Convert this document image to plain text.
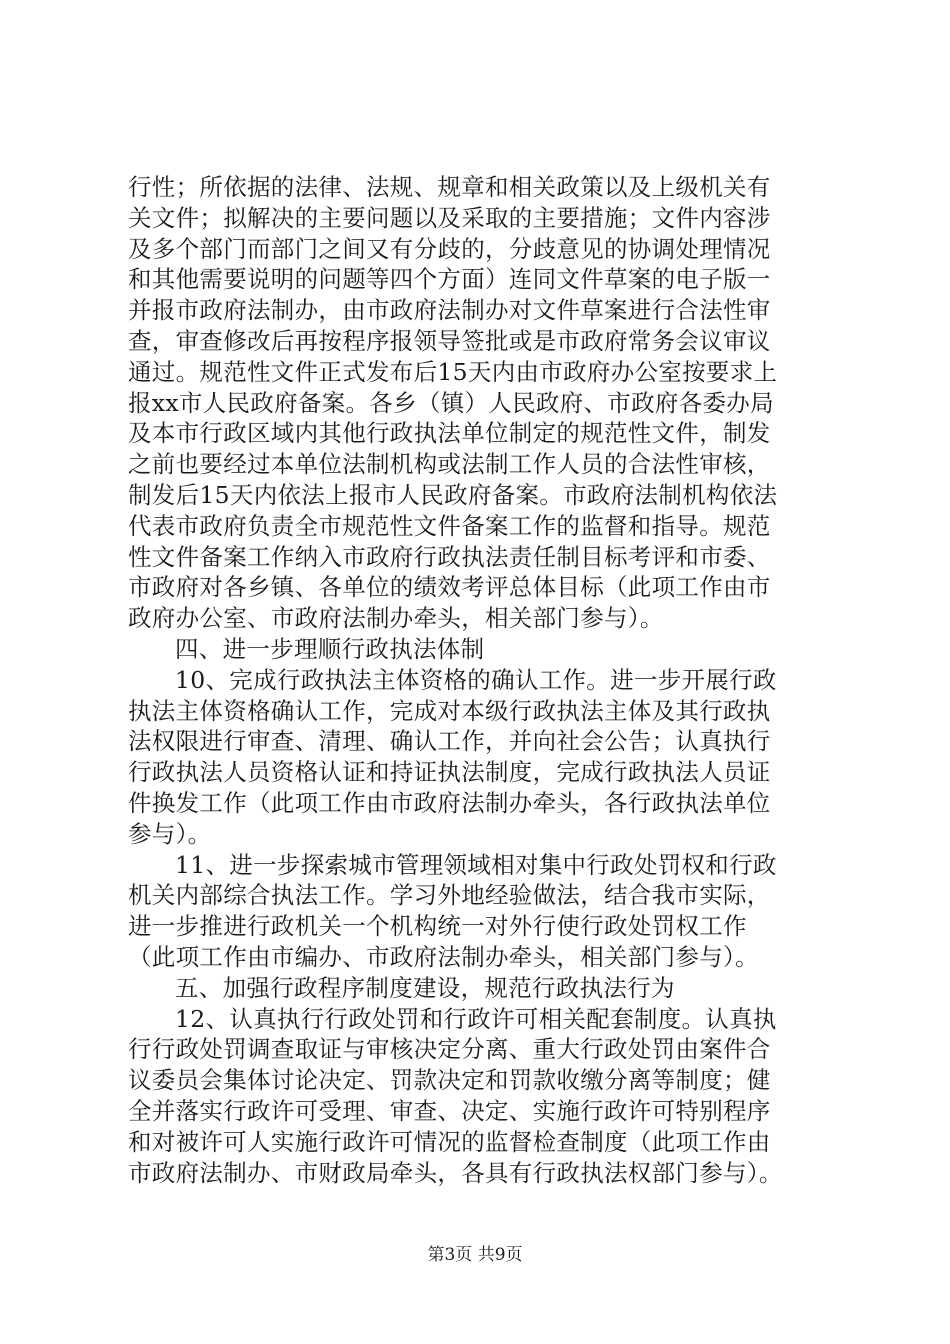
行性；所依据的法律、法规、规章和相关政策以及上级机关有
关文件；拟解决的主要问题以及采取的主要措施；文件内容涉
及多个部门而部门之间又有分歧的，分歧意见的协调处理情况
和其他需要说明的问题等四个方面）连同文件草案的电子版一
并报市政府法制办，由市政府法制办对文件草案进行合法性审
查，审查修改后再按程序报领导签批或是市政府常务会议审议
通过。规范性文件正式发布后15天内由市政府办公室按要求上
报xx市人民政府备案。各乡（镇）人民政府、市政府各委办局
及本市行政区域内其他行政执法单位制定的规范性文件，制发
之前也要经过本单位法制机构或法制工作人员的合法性审核，
制发后15天内依法上报市人民政府备案。市政府法制机构依法
代表市政府负责全市规范性文件备案工作的监督和指导。规范
性文件备案工作纳入市政府行政执法责任制目标考评和市委、
市政府对各乡镇、各单位的绩效考评总体目标（此项工作由市
政府办公室、市政府法制办牵头，相关部门参与）。
四、进一步理顺行政执法体制
10、完成行政执法主体资格的确认工作。进一步开展行政
执法主体资格确认工作，完成对本级行政执法主体及其行政执
法权限进行审查、清理、确认工作，并向社会公告；认真执行
行政执法人员资格认证和持证执法制度，完成行政执法人员证
件换发工作（此项工作由市政府法制办牵头，各行政执法单位
参与）。
11、进一步探索城市管理领域相对集中行政处罚权和行政
机关内部综合执法工作。学习外地经验做法，结合我市实际，
进一步推进行政机关一个机构统一对外行使行政处罚权工作
（此项工作由市编办、市政府法制办牵头，相关部门参与）。
五、加强行政程序制度建设，规范行政执法行为
12、认真执行行政处罚和行政许可相关配套制度。认真执
行行政处罚调查取证与审核决定分离、重大行政处罚由案件合
议委员会集体讨论决定、罚款决定和罚款收缴分离等制度；健
全并落实行政许可受理、审查、决定、实施行政许可特别程序
和对被许可人实施行政许可情况的监督检查制度（此项工作由
市政府法制办、市财政局牵头，各具有行政执法权部门参与）。
第3页 共9页
